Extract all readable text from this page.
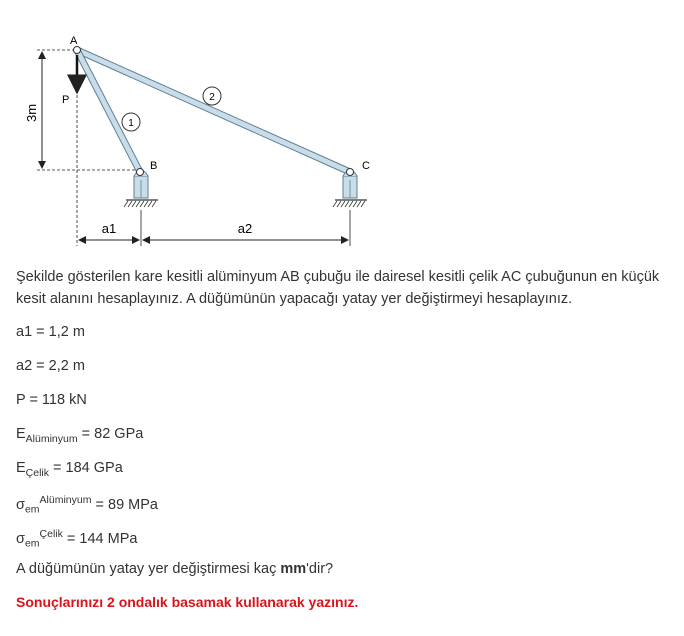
3m
A
P
1
2
B	C
a1	a2
Şekilde gösterilen kare kesitli alüminyum AB çubuğu ile dairesel kesitli çelik AC çubuğunun en küçük kesit alanını hesaplayınız. A düğümünün yapacağı yatay yer değiştirmeyi hesaplayınız.
a1 = 1,2 m
a2 = 2,2 m
P = 118 kN
$E_{Alüminyum} = 82$ GPa
$E_{Çelik} = 184$ GPa
$\sigma_{em}^{Alüminyum} = 89$ MPa
$\sigma_{em}^{Çelik} = 144$ MPa
A düğümünün yatay yer değiştirmesi kaç mm'dir?
Sonuçlarınızı 2 ondalık basamak kullanarak yazınız.
